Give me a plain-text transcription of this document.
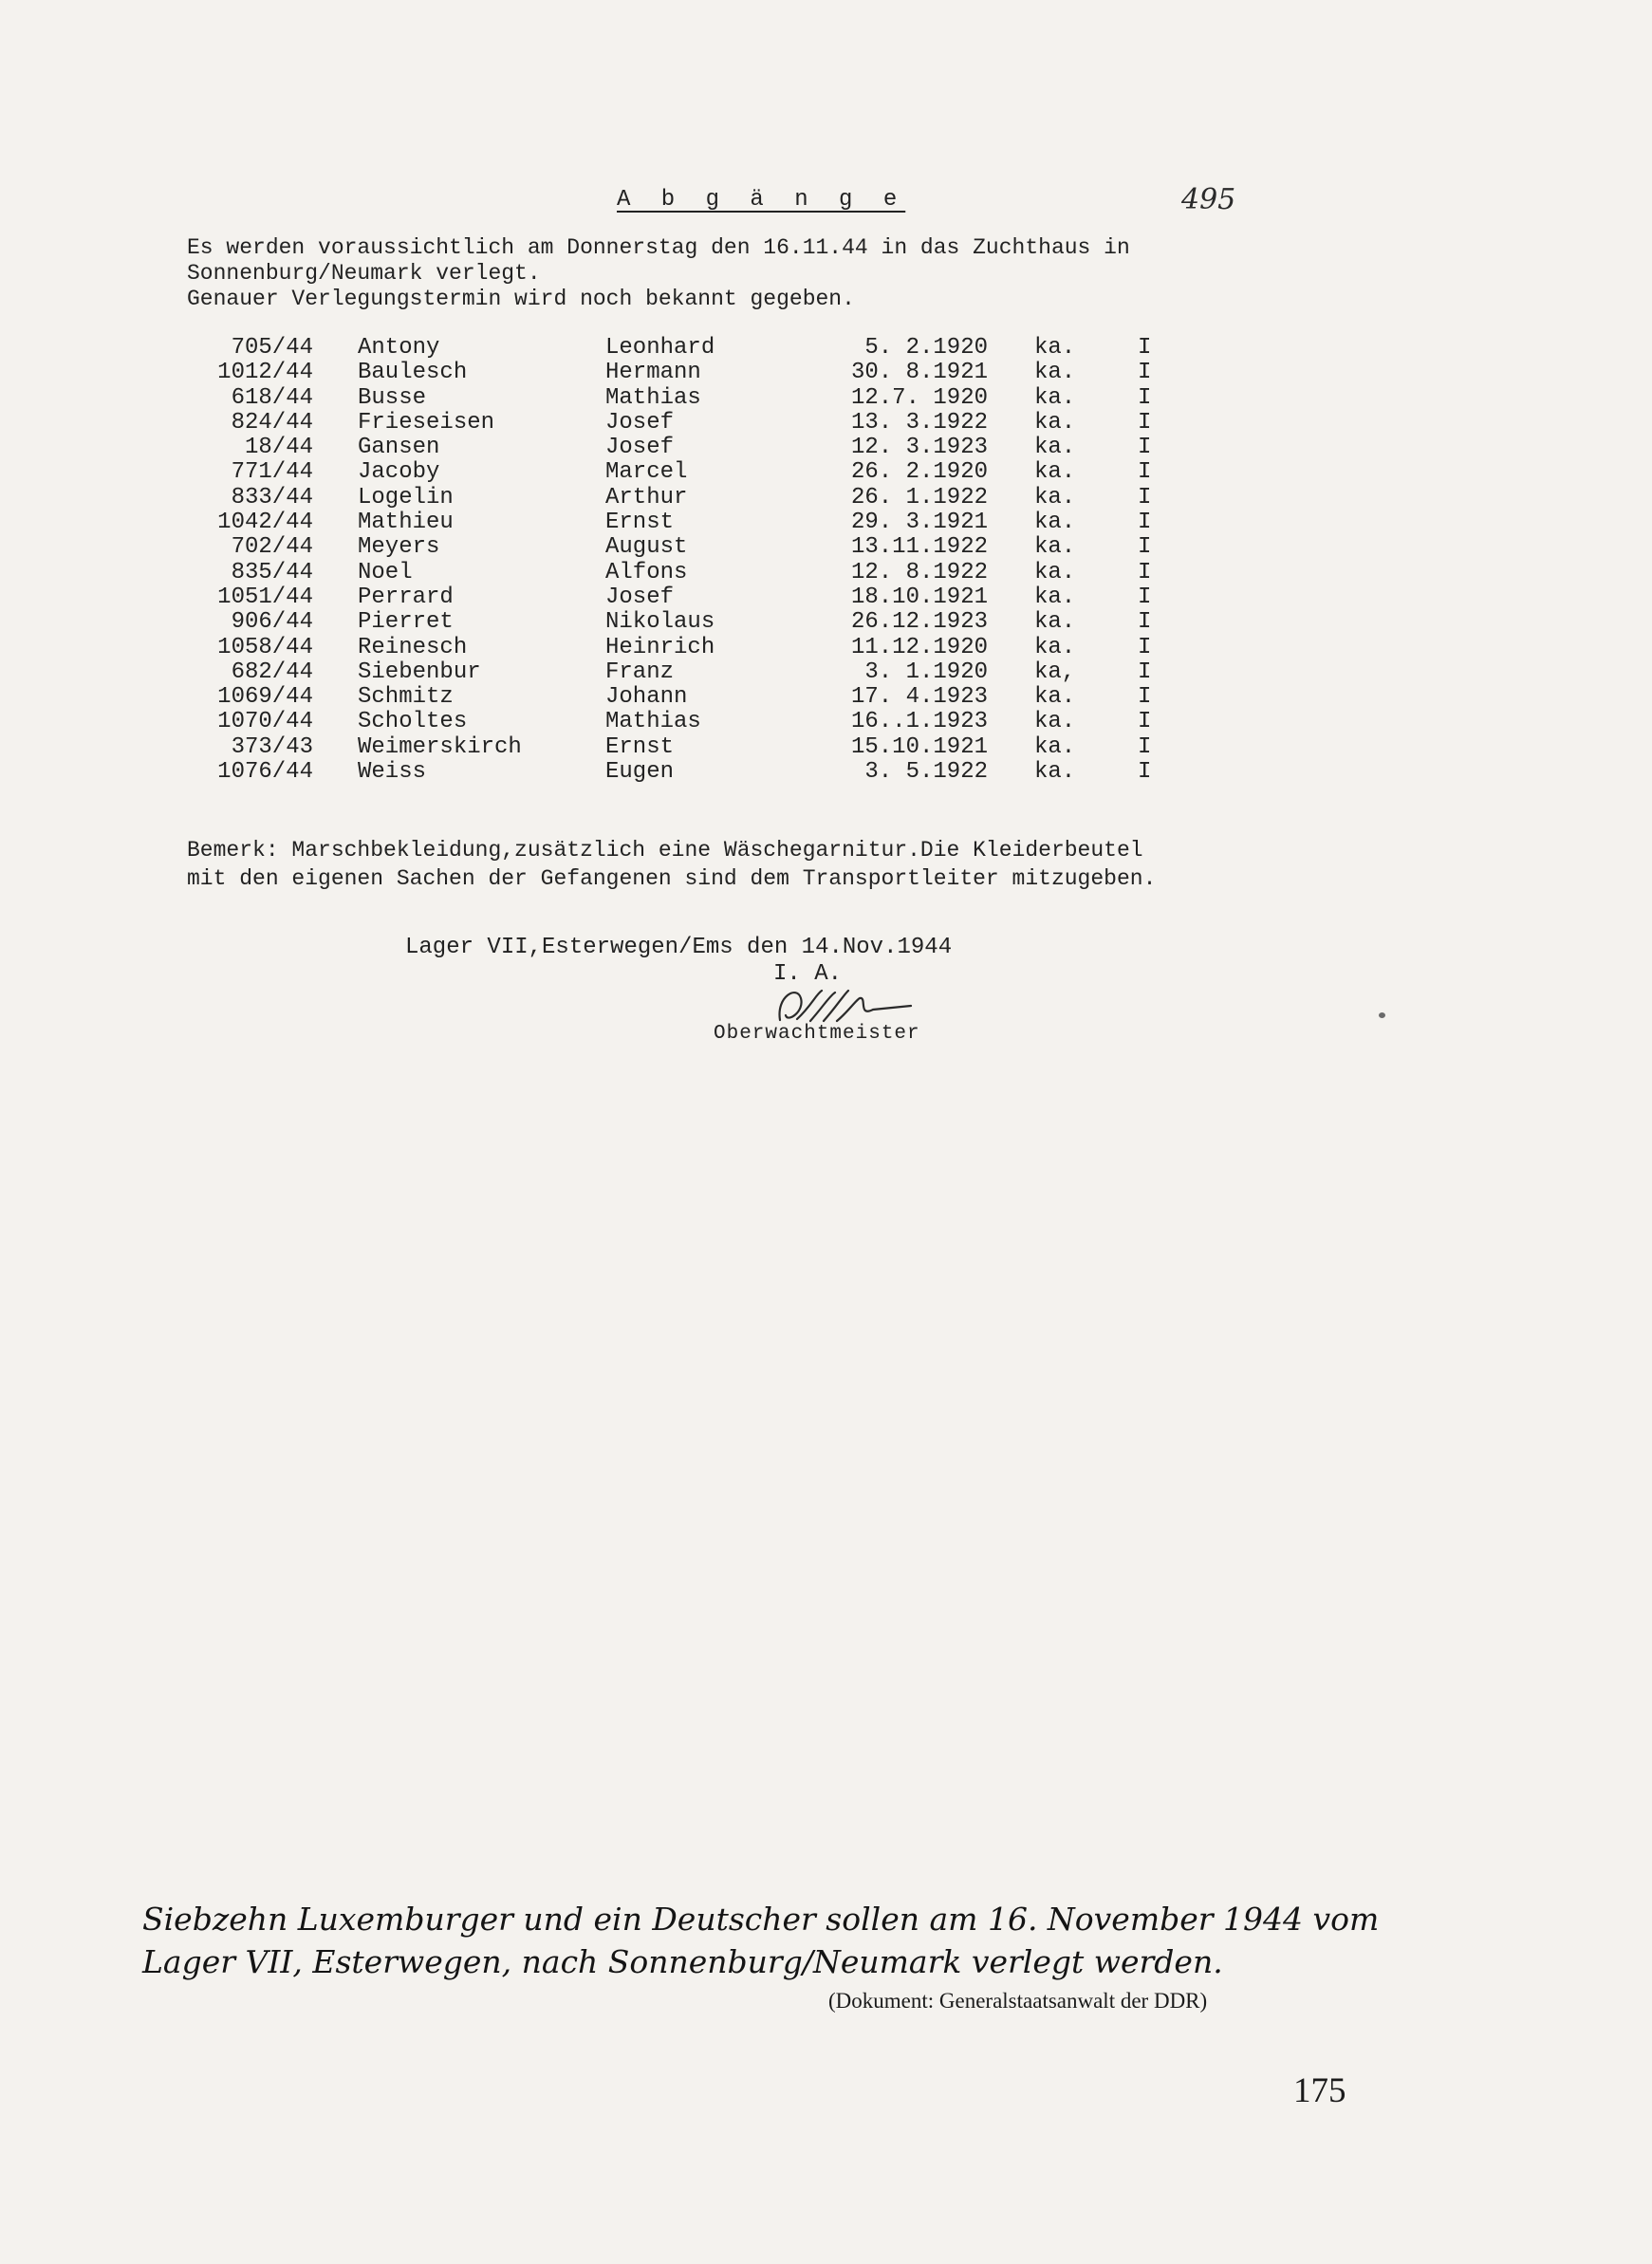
A b g ä n g e	495
Es werden voraussichtlich am Donnerstag den 16.11.44 in das Zuchthaus in
Sonnenburg/Neumark verlegt.
Genauer Verlegungstermin wird noch bekannt gegeben.
705/44 Antony	Leonhard	5. 2.1920 ka.	I
1012/44 Baulesch	Hermann	30. 8.1921 ka.	I
618/44 Busse	Mathias	12.7. 1920 ka.	I
824/44 Frieseisen	Josef	13. 3.1922 ka.	I
18/44 Gansen	Josef	12. 3.1923 ka.	I
771/44 Jacoby	Marcel	26. 2.1920 ka.	I
833/44 Logelin	Arthur	26. 1.1922 ka.	I
1042/44 Mathieu	Ernst	29. 3.1921 ka.	I
702/44 Meyers	August	13.11.1922 ka.	I
835/44 Noel	Alfons	12. 8.1922 ka.	I
1051/44 Perrard	Josef	18.10.1921 ka.	I
906/44 Pierret	Nikolaus	26.12.1923 ka.	I
1058/44 Reinesch	Heinrich	11.12.1920 ka.	I
682/44 Siebenbur	Franz	3. 1.1920 ka,	I
1069/44 Schmitz	Johann	17. 4.1923 ka.	I
1070/44 Scholtes	Mathias	16..1.1923 ka.	I
373/43 Weimerskirch	Ernst	15.10.1921 ka.	I
1076/44 Weiss	Eugen	3. 5.1922 ka.	I
Bemerk: Marschbekleidung,zusätzlich eine Wäschegarnitur.Die Kleiderbeutel
mit den eigenen Sachen der Gefangenen sind dem Transportleiter mitzugeben.
Lager VII,Esterwegen/Ems den 14.Nov.1944
I. A.
Oberwachtmeister
Siebzehn Luxemburger und ein Deutscher sollen am 16. November 1944 vom
Lager VII, Esterwegen, nach Sonnenburg/Neumark verlegt werden.
(Dokument: Generalstaatsanwalt der DDR)
175
